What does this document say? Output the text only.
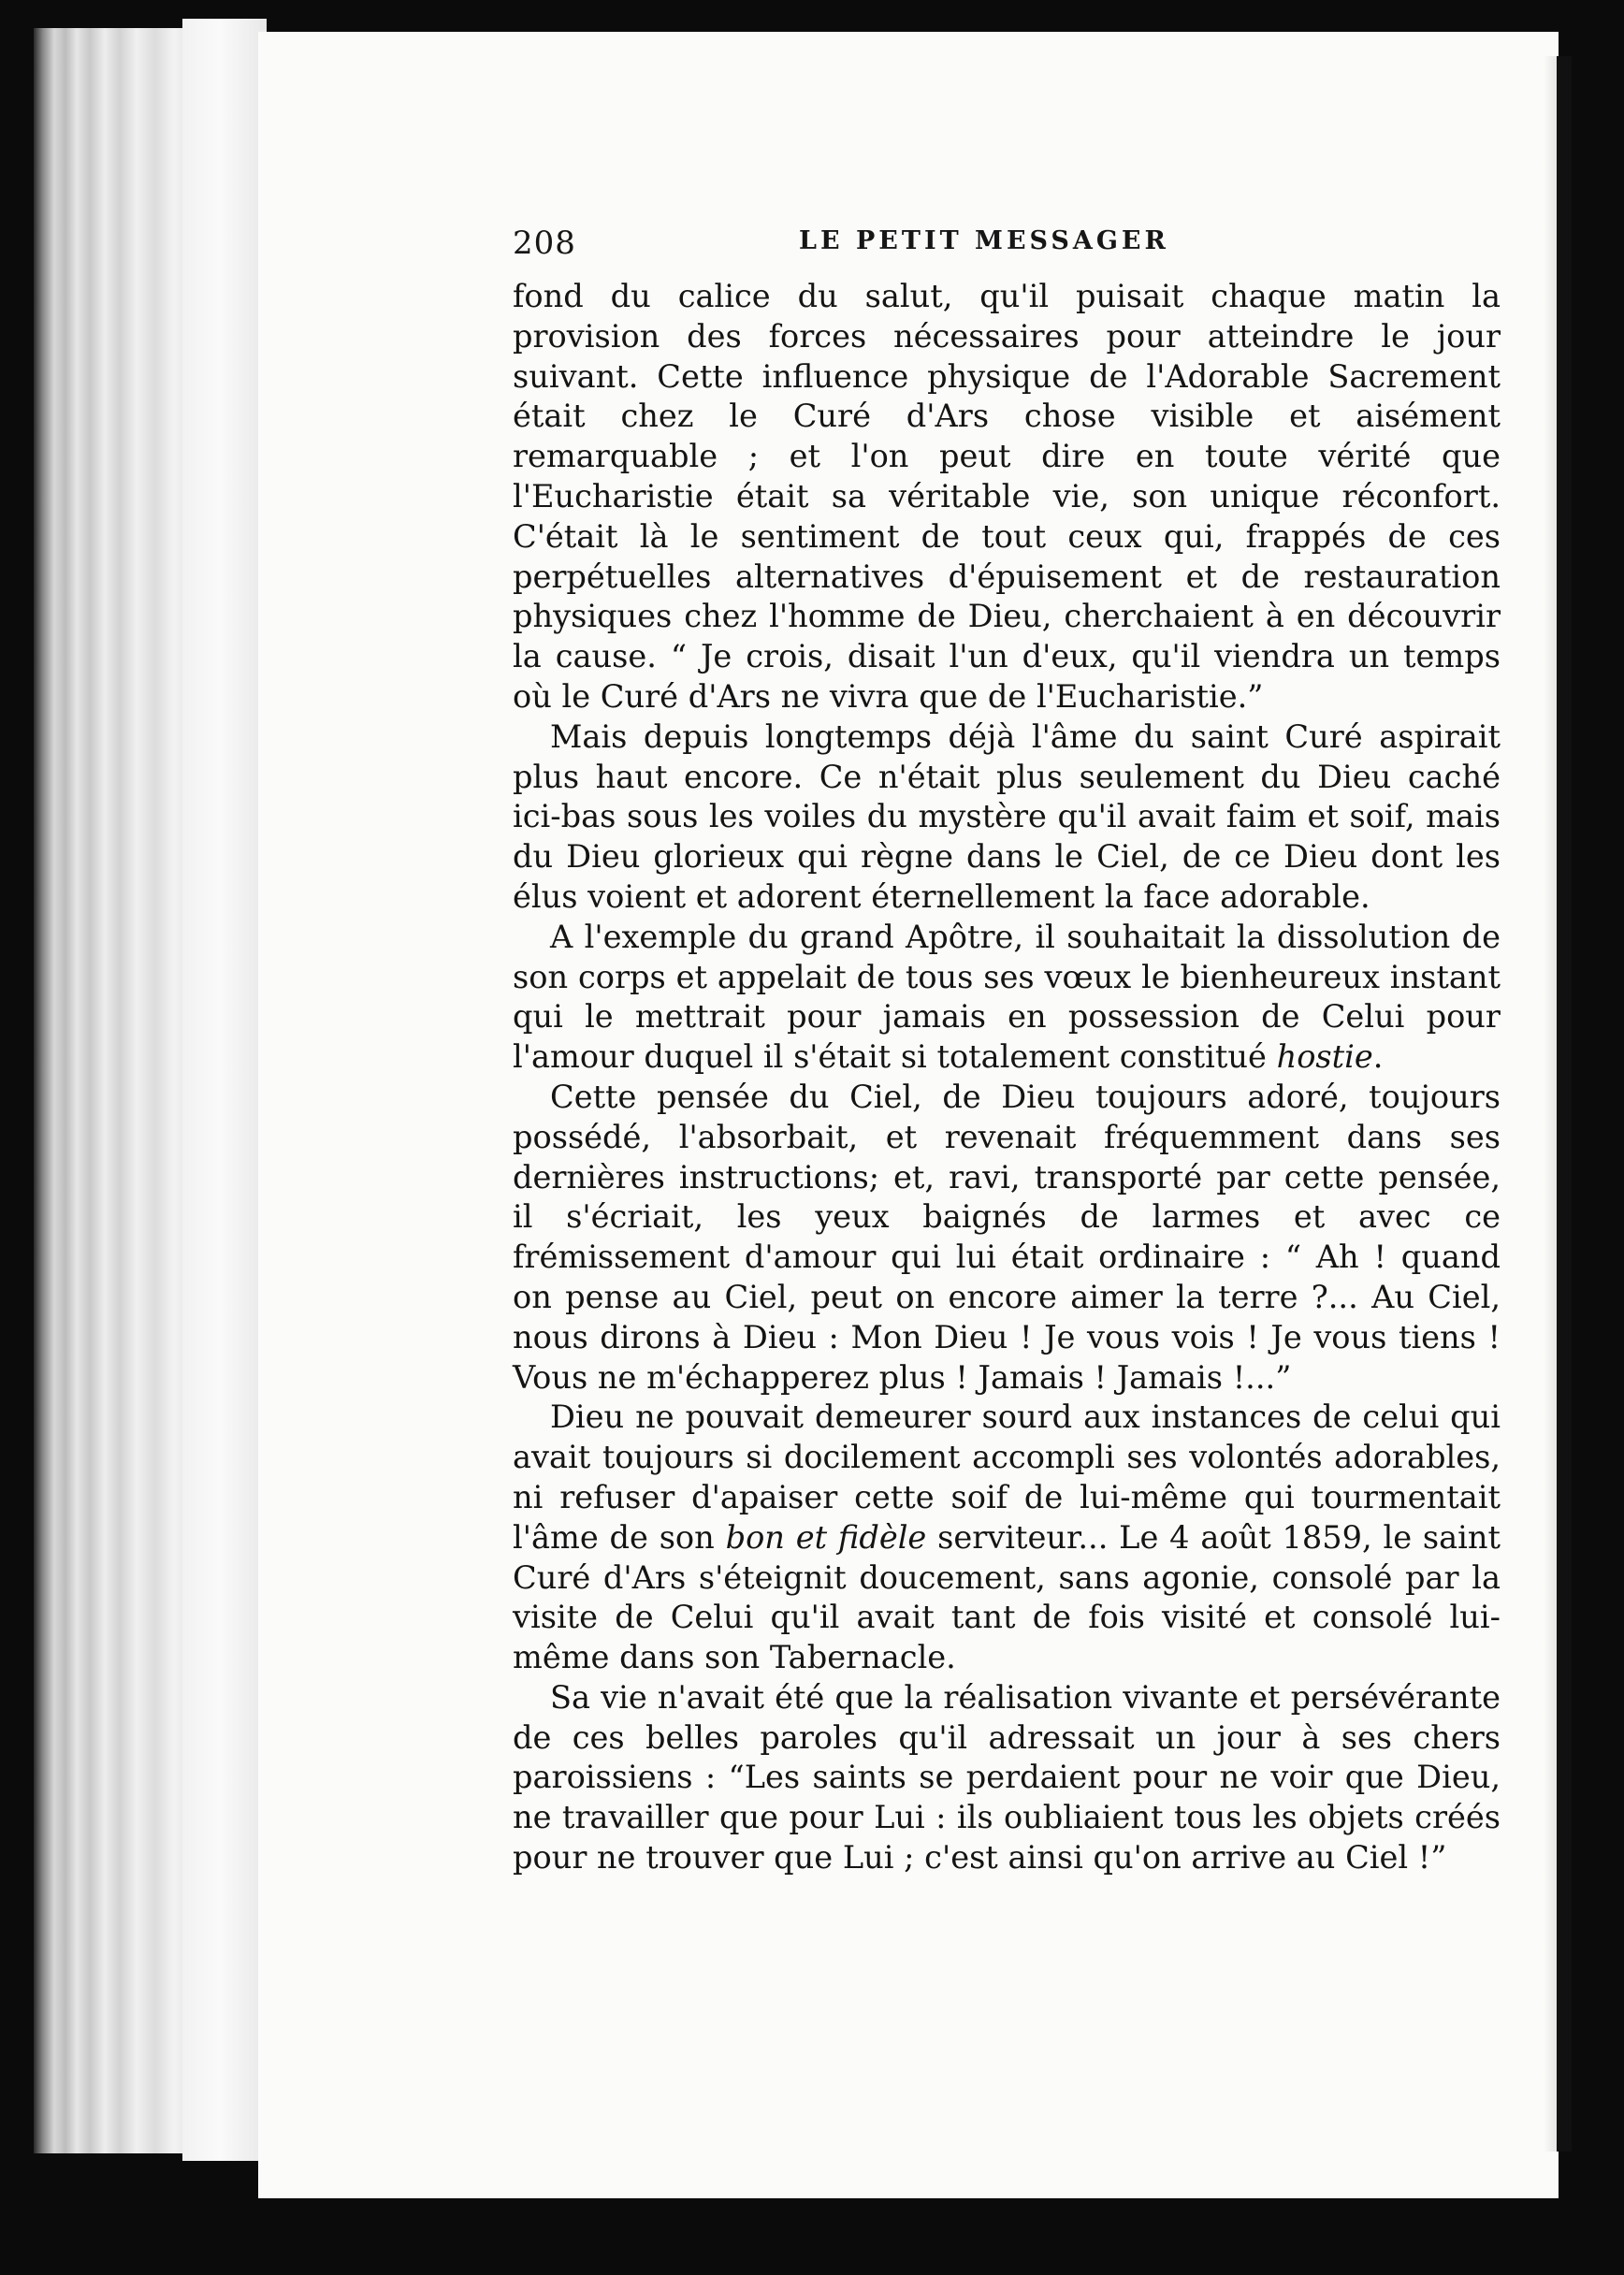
208	LE PETIT MESSAGER

fond du calice du salut, qu'il puisait chaque matin la provision des forces nécessaires pour atteindre le jour suivant. Cette influence physique de l'Adorable Sacrement était chez le Curé d'Ars chose visible et aisément remarquable ; et l'on peut dire en toute vérité que l'Eucharistie était sa véritable vie, son unique réconfort. C'était là le sentiment de tout ceux qui, frappés de ces perpétuelles alternatives d'épuisement et de restauration physiques chez l'homme de Dieu, cherchaient à en découvrir la cause. “ Je crois, disait l'un d'eux, qu'il viendra un temps où le Curé d'Ars ne vivra que de l'Eucharistie.”

Mais depuis longtemps déjà l'âme du saint Curé aspirait plus haut encore. Ce n'était plus seulement du Dieu caché ici-bas sous les voiles du mystère qu'il avait faim et soif, mais du Dieu glorieux qui règne dans le Ciel, de ce Dieu dont les élus voient et adorent éternellement la face adorable.

A l'exemple du grand Apôtre, il souhaitait la dissolution de son corps et appelait de tous ses vœux le bienheureux instant qui le mettrait pour jamais en possession de Celui pour l'amour duquel il s'était si totalement constitué hostie.

Cette pensée du Ciel, de Dieu toujours adoré, toujours possédé, l'absorbait, et revenait fréquemment dans ses dernières instructions; et, ravi, transporté par cette pensée, il s'écriait, les yeux baignés de larmes et avec ce frémissement d'amour qui lui était ordinaire : “ Ah ! quand on pense au Ciel, peut on encore aimer la terre ?... Au Ciel, nous dirons à Dieu : Mon Dieu ! Je vous vois ! Je vous tiens ! Vous ne m'échapperez plus ! Jamais ! Jamais !...”

Dieu ne pouvait demeurer sourd aux instances de celui qui avait toujours si docilement accompli ses volontés adorables, ni refuser d'apaiser cette soif de lui-même qui tourmentait l'âme de son bon et fidèle serviteur... Le 4 août 1859, le saint Curé d'Ars s'éteignit doucement, sans agonie, consolé par la visite de Celui qu'il avait tant de fois visité et consolé lui-même dans son Tabernacle.

Sa vie n'avait été que la réalisation vivante et persévérante de ces belles paroles qu'il adressait un jour à ses chers paroissiens : “Les saints se perdaient pour ne voir que Dieu, ne travailler que pour Lui : ils oubliaient tous les objets créés pour ne trouver que Lui ; c'est ainsi qu'on arrive au Ciel !”
